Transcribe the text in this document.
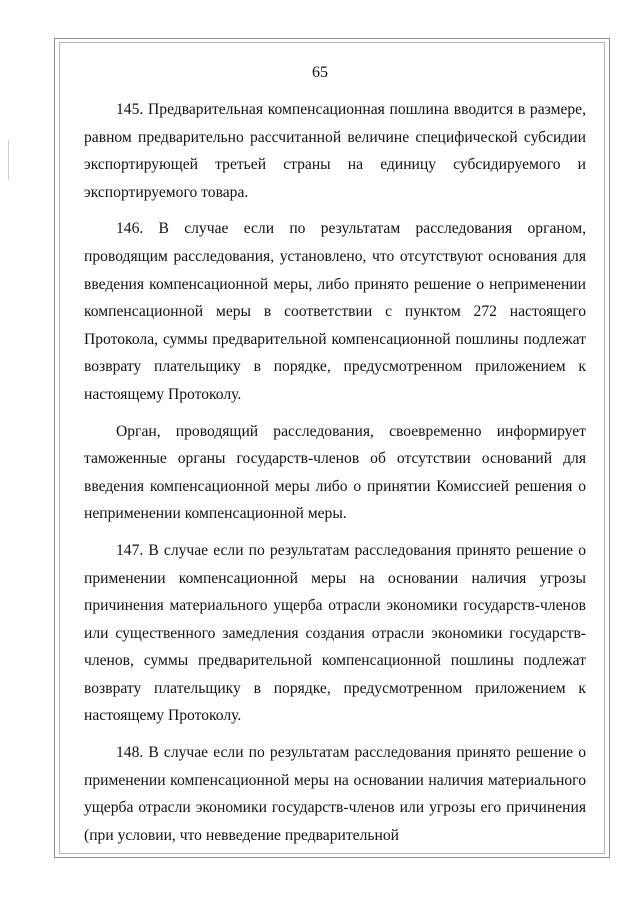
65

145. Предварительная компенсационная пошлина вводится в размере, равном предварительно рассчитанной величине специфической субсидии экспортирующей третьей страны на единицу субсидируемого и экспортируемого товара.

146. В случае если по результатам расследования органом, проводящим расследования, установлено, что отсутствуют основания для введения компенсационной меры, либо принято решение о неприменении компенсационной меры в соответствии с пунктом 272 настоящего Протокола, суммы предварительной компенсационной пошлины подлежат возврату плательщику в порядке, предусмотренном приложением к настоящему Протоколу.

Орган, проводящий расследования, своевременно информирует таможенные органы государств-членов об отсутствии оснований для введения компенсационной меры либо о принятии Комиссией решения о неприменении компенсационной меры.

147. В случае если по результатам расследования принято решение о применении компенсационной меры на основании наличия угрозы причинения материального ущерба отрасли экономики государств-членов или существенного замедления создания отрасли экономики государств-членов, суммы предварительной компенсационной пошлины подлежат возврату плательщику в порядке, предусмотренном приложением к настоящему Протоколу.

148. В случае если по результатам расследования принято решение о применении компенсационной меры на основании наличия материального ущерба отрасли экономики государств-членов или угрозы его причинения (при условии, что невведение предварительной
